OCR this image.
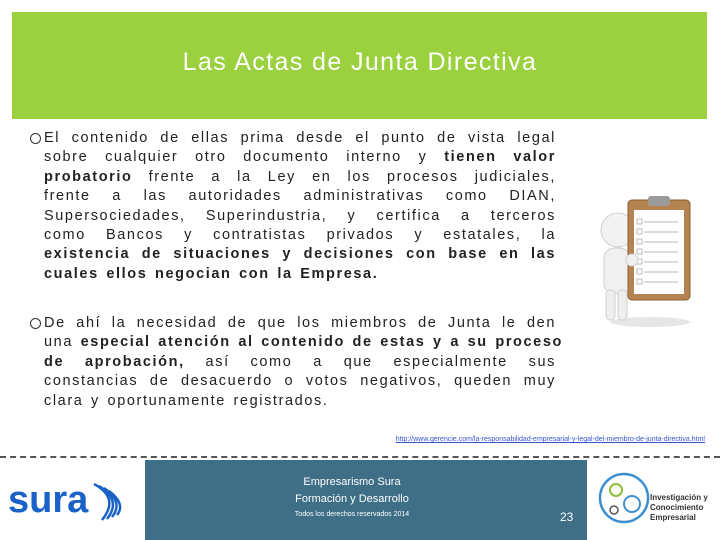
Las Actas de Junta Directiva
El contenido de ellas prima desde el punto de vista legal
sobre cualquier otro documento interno y tienen valor
probatorio frente a la Ley en los procesos judiciales,
frente a las autoridades administrativas como DIAN,
Supersociedades, Superindustria, y certifica a terceros
como Bancos y contratistas privados y estatales, la
existencia de situaciones y decisiones con base en las
cuales ellos negocian con la Empresa.
De ahí la necesidad de que los miembros de Junta le den
una especial atención al contenido de estas y a su proceso
de aprobación, así como a que especialmente sus
constancias de desacuerdo o votos negativos, queden muy
clara y oportunamente registrados.
http://www.gerencie.com/la-responsabilidad-empresarial-y-legal-del-miembro-de-junta-directiva.html
Empresarismo Sura
Formación y Desarrollo
Todos los derechos reservados 2014	23
sura	Investigación y
Conocimiento
Empresarial
